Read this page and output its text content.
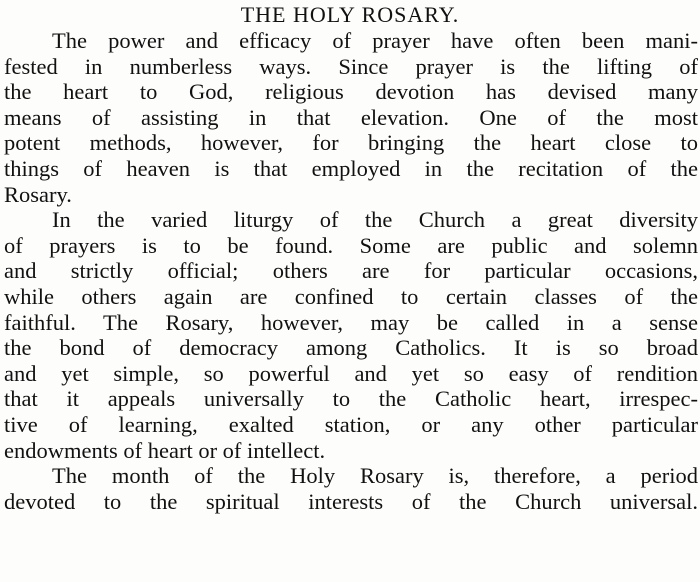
THE HOLY ROSARY.
The power and efficacy of prayer have often been mani-
fested in numberless ways. Since prayer is the lifting of
the heart to God, religious devotion has devised many
means of assisting in that elevation. One of the most
potent methods, however, for bringing the heart close to
things of heaven is that employed in the recitation of the
Rosary.
In the varied liturgy of the Church a great diversity
of prayers is to be found. Some are public and solemn
and strictly official; others are for particular occasions,
while others again are confined to certain classes of the
faithful. The Rosary, however, may be called in a sense
the bond of democracy among Catholics. It is so broad
and yet simple, so powerful and yet so easy of rendition
that it appeals universally to the Catholic heart, irrespec-
tive of learning, exalted station, or any other particular
endowments of heart or of intellect.
The month of the Holy Rosary is, therefore, a period
devoted to the spiritual interests of the Church universal.
